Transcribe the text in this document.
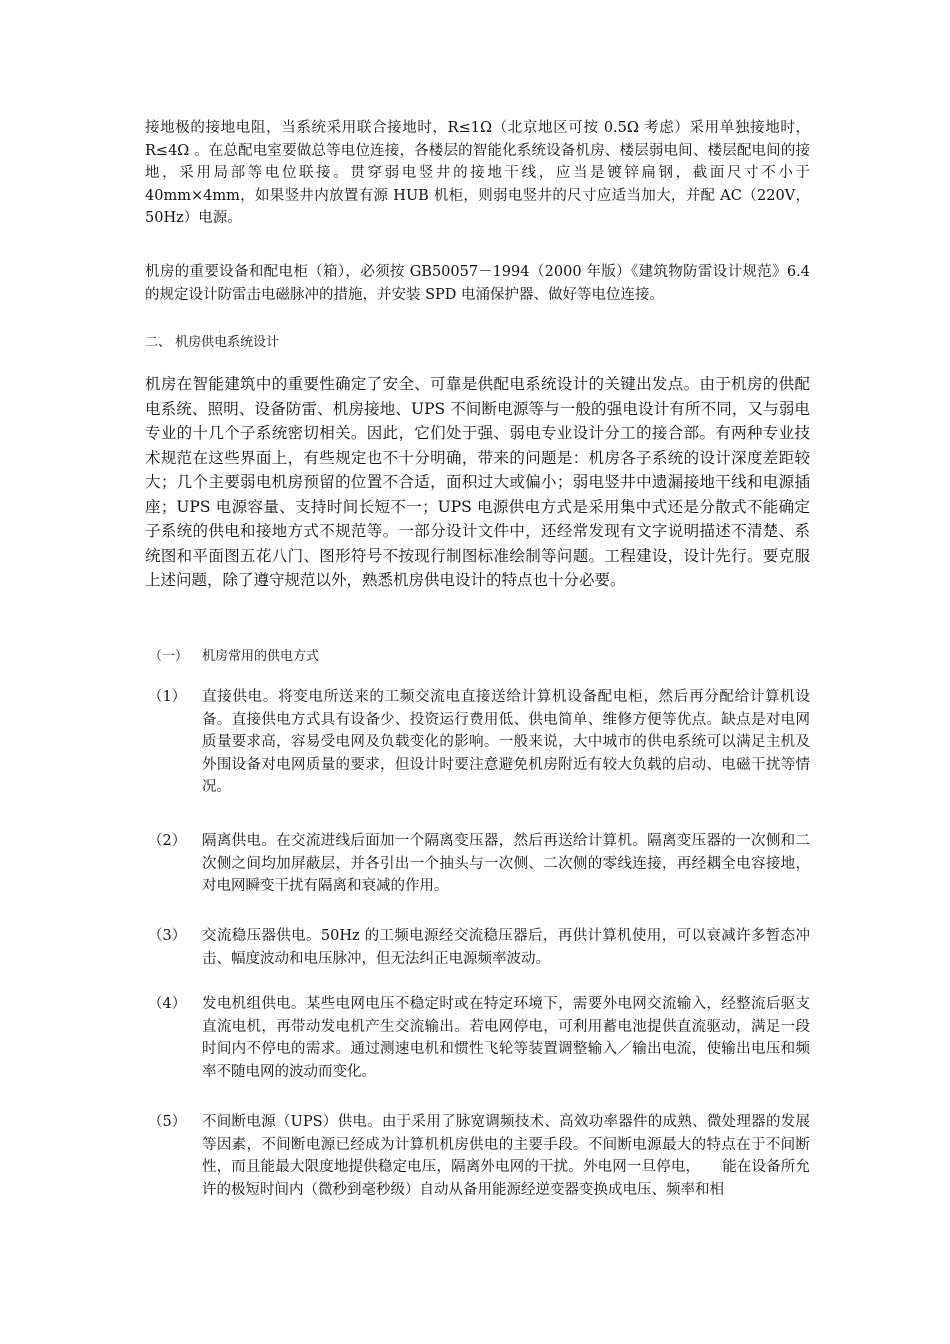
接地极的接地电阻，当系统采用联合接地时，R≤1Ω（北京地区可按 0.5Ω 考虑）采用单独接地时，R≤4Ω 。在总配电室要做总等电位连接，各楼层的智能化系统设备机房、楼层弱电间、楼层配电间的接地，采用局部等电位联接。贯穿弱电竖井的接地干线，应当是镀锌扁钢，截面尺寸不小于 40mm×4mm，如果竖井内放置有源 HUB 机柜，则弱电竖井的尺寸应适当加大，并配 AC（220V，50Hz）电源。

机房的重要设备和配电柜（箱），必须按 GB50057－1994（2000 年版）《建筑物防雷设计规范》6.4 的规定设计防雷击电磁脉冲的措施，并安装 SPD 电涌保护器、做好等电位连接。

二、 机房供电系统设计

机房在智能建筑中的重要性确定了安全、可靠是供配电系统设计的关键出发点。由于机房的供配电系统、照明、设备防雷、机房接地、UPS 不间断电源等与一般的强电设计有所不同，又与弱电专业的十几个子系统密切相关。因此，它们处于强、弱电专业设计分工的接合部。有两种专业技术规范在这些界面上，有些规定也不十分明确，带来的问题是：机房各子系统的设计深度差距较大；几个主要弱电机房预留的位置不合适，面积过大或偏小；弱电竖井中遗漏接地干线和电源插座；UPS 电源容量、支持时间长短不一；UPS 电源供电方式是采用集中式还是分散式不能确定子系统的供电和接地方式不规范等。一部分设计文件中，还经常发现有文字说明描述不清楚、系统图和平面图五花八门、图形符号不按现行制图标准绘制等问题。工程建设，设计先行。要克服上述问题，除了遵守规范以外，熟悉机房供电设计的特点也十分必要。

（一） 机房常用的供电方式
（1） 直接供电。将变电所送来的工频交流电直接送给计算机设备配电柜，然后再分配给计算机设备。直接供电方式具有设备少、投资运行费用低、供电简单、维修方便等优点。缺点是对电网质量要求高，容易受电网及负载变化的影响。一般来说，大中城市的供电系统可以满足主机及外围设备对电网质量的要求，但设计时要注意避免机房附近有较大负载的启动、电磁干扰等情况。

（2） 隔离供电。在交流进线后面加一个隔离变压器，然后再送给计算机。隔离变压器的一次侧和二次侧之间均加屏蔽层，并各引出一个抽头与一次侧、二次侧的零线连接，再经耦全电容接地，对电网瞬变干扰有隔离和衰减的作用。

（3） 交流稳压器供电。50Hz 的工频电源经交流稳压器后，再供计算机使用，可以衰减许多暂态冲击、幅度波动和电压脉冲，但无法纠正电源频率波动。

（4） 发电机组供电。某些电网电压不稳定时或在特定环境下，需要外电网交流输入，经整流后驱支直流电机，再带动发电机产生交流输出。若电网停电，可利用蓄电池提供直流驱动，满足一段时间内不停电的需求。通过测速电机和惯性飞轮等装置调整输入／输出电流，使输出电压和频率不随电网的波动而变化。

（5） 不间断电源（UPS）供电。由于采用了脉宽调频技术、高效功率器件的成熟、微处理器的发展等因素，不间断电源已经成为计算机机房供电的主要手段。不间断电源最大的特点在于不间断性，而且能最大限度地提供稳定电压，隔离外电网的干扰。外电网一旦停电，　　能在设备所允许的极短时间内（微秒到毫秒级）自动从备用能源经逆变器变换成电压、频率和相
